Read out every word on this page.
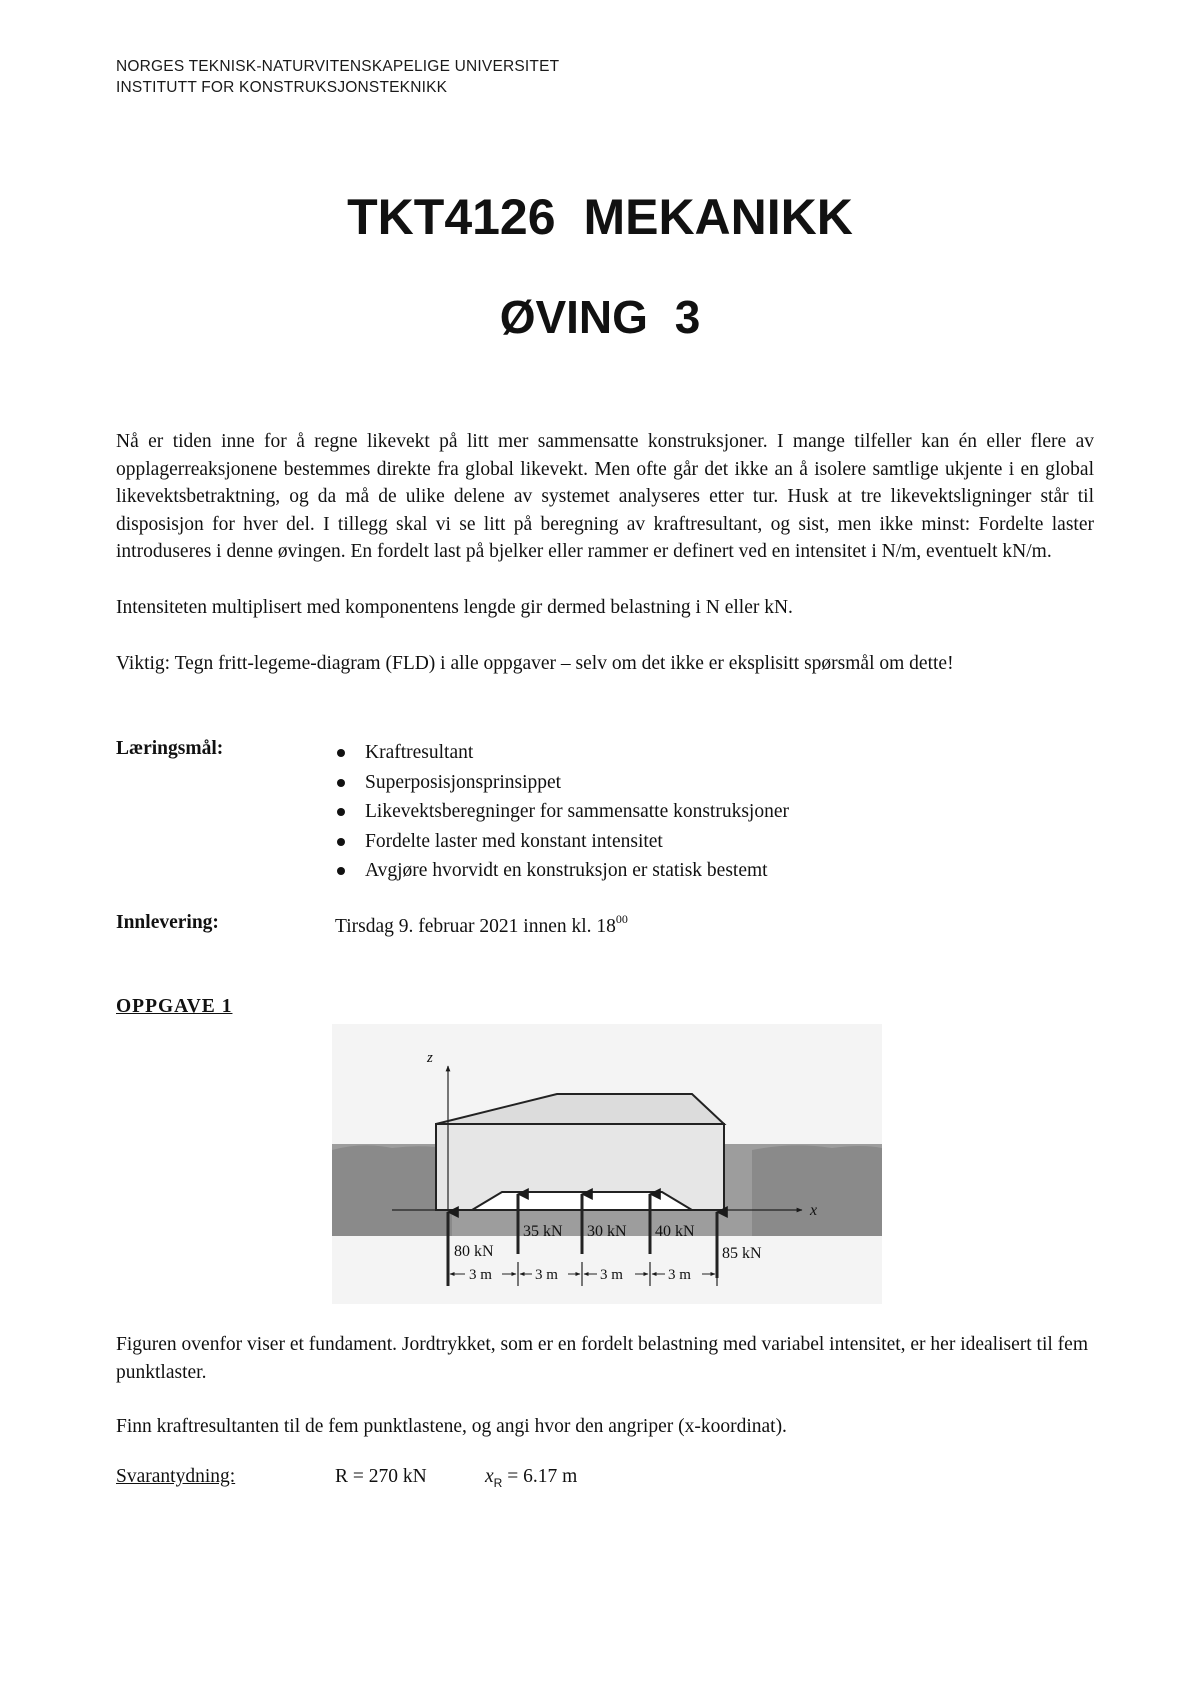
NORGES TEKNISK-NATURVITENSKAPELIGE UNIVERSITET
INSTITUTT FOR KONSTRUKSJONSTEKNIKK
TKT4126 MEKANIKK
ØVING 3

Nå er tiden inne for å regne likevekt på litt mer sammensatte konstruksjoner. I mange tilfeller kan én eller flere av opplagerreaksjonene bestemmes direkte fra global likevekt. Men ofte går det ikke an å isolere samtlige ukjente i en global likevektsbetraktning, og da må de ulike delene av systemet analyseres etter tur. Husk at tre likevektsligninger står til disposisjon for hver del. I tillegg skal vi se litt på beregning av kraftresultant, og sist, men ikke minst: Fordelte laster introduseres i denne øvingen. En fordelt last på bjelker eller rammer er definert ved en intensitet i N/m, eventuelt kN/m.

Intensiteten multiplisert med komponentens lengde gir dermed belastning i N eller kN.

Viktig: Tegn fritt-legeme-diagram (FLD) i alle oppgaver – selv om det ikke er eksplisitt spørsmål om dette!

Læringsmål:	Kraftresultant
Superposisjonsprinsippet
Likevektsberegninger for sammensatte konstruksjoner
Fordelte laster med konstant intensitet
Avgjøre hvorvidt en konstruksjon er statisk bestemt
Innlevering:	Tirsdag 9. februar 2021 innen kl. $18^{00}$
OPPGAVE 1
x
z
80 kN
35 kN 30 kN 40 kN
85 kN
3 m	3 m	3 m	3 m

Figuren ovenfor viser et fundament. Jordtrykket, som er en fordelt belastning med variabel intensitet, er her idealisert til fem punktlaster.

Finn kraftresultanten til de fem punktlastene, og angi hvor den angriper (x-koordinat).

Svarantydning:	R = 270 kN	$x_R = 6.17$ m
